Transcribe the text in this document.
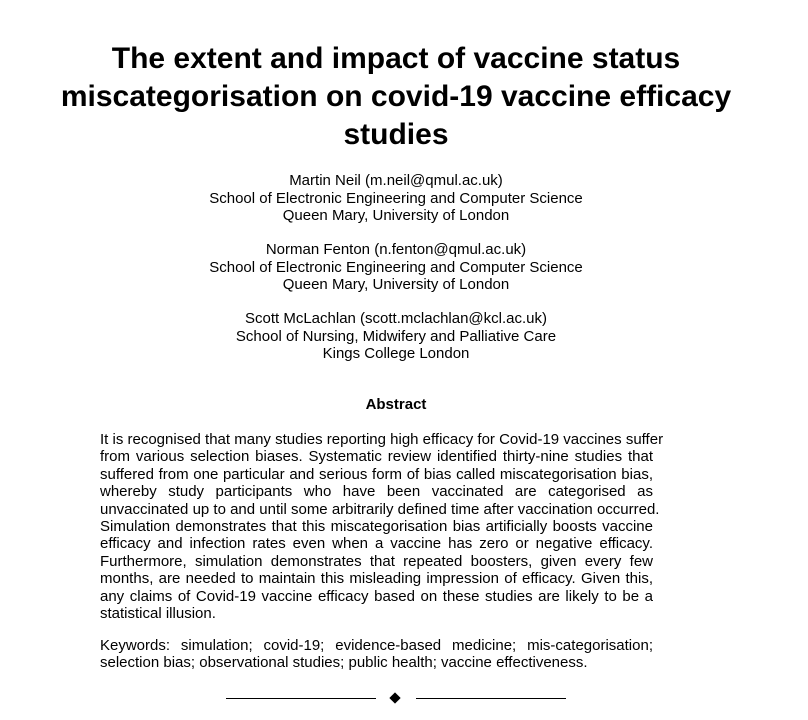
The extent and impact of vaccine status
miscategorisation on covid-19 vaccine efficacy
studies
Martin Neil (m.neil@qmul.ac.uk)
School of Electronic Engineering and Computer Science
Queen Mary, University of London
Norman Fenton (n.fenton@qmul.ac.uk)
School of Electronic Engineering and Computer Science
Queen Mary, University of London
Scott McLachlan (scott.mclachlan@kcl.ac.uk)
School of Nursing, Midwifery and Palliative Care
Kings College London
Abstract

It is recognised that many studies reporting high efficacy for Covid-19 vaccines suffer
from various selection biases. Systematic review identified thirty-nine studies that
suffered from one particular and serious form of bias called miscategorisation bias,
whereby study participants who have been vaccinated are categorised as
unvaccinated up to and until some arbitrarily defined time after vaccination occurred.
Simulation demonstrates that this miscategorisation bias artificially boosts vaccine
efficacy and infection rates even when a vaccine has zero or negative efficacy.
Furthermore, simulation demonstrates that repeated boosters, given every few
months, are needed to maintain this misleading impression of efficacy. Given this,
any claims of Covid-19 vaccine efficacy based on these studies are likely to be a
statistical illusion.

Keywords: simulation; covid-19; evidence-based medicine; mis-categorisation;
selection bias; observational studies; public health; vaccine effectiveness.
